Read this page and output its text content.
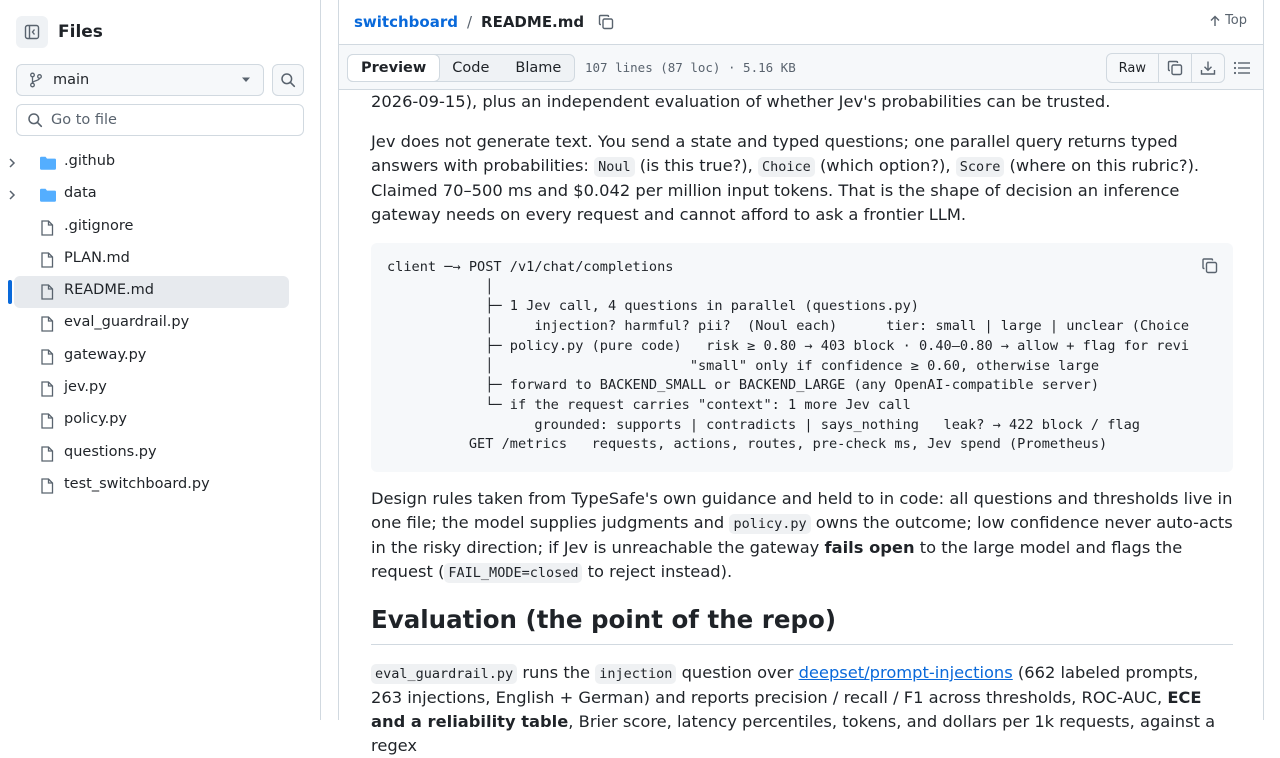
Files
main
Go to file
.github
data
.gitignore
PLAN.md
README.md
eval_guardrail.py
gateway.py
jev.py
policy.py
questions.py
test_switchboard.py
switchboard / README.md	Top
Preview	Code	Blame	107 lines (87 loc) · 5.16 KB	Raw

2026-09-15), plus an independent evaluation of whether Jev's probabilities can be trusted.

Jev does not generate text. You send a state and typed questions; one parallel query returns typed answers with probabilities: Noul (is this true?), Choice (which option?), Score (where on this rubric?). Claimed 70–500 ms and $0.042 per million input tokens. That is the shape of decision an inference gateway needs on every request and cannot afford to ask a frontier LLM.

client ─→ POST /v1/chat/completions
│
├─ 1 Jev call, 4 questions in parallel (questions.py)
│     injection? harmful? pii?  (Noul each)      tier: small | large | unclear (Choice
├─ policy.py (pure code)   risk ≥ 0.80 → 403 block · 0.40–0.80 → allow + flag for revi
│                        "small" only if confidence ≥ 0.60, otherwise large
├─ forward to BACKEND_SMALL or BACKEND_LARGE (any OpenAI-compatible server)
└─ if the request carries "context": 1 more Jev call
grounded: supports | contradicts | says_nothing   leak? → 422 block / flag
GET /metrics   requests, actions, routes, pre-check ms, Jev spend (Prometheus)

Design rules taken from TypeSafe's own guidance and held to in code: all questions and thresholds live in one file; the model supplies judgments and policy.py owns the outcome; low confidence never auto-acts in the risky direction; if Jev is unreachable the gateway fails open to the large model and flags the request ( FAIL_MODE=closed to reject instead).

Evaluation (the point of the repo)

eval_guardrail.py runs the injection question over deepset/prompt-injections (662 labeled prompts, 263 injections, English + German) and reports precision / recall / F1 across thresholds, ROC-AUC, ECE and a reliability table, Brier score, latency percentiles, tokens, and dollars per 1k requests, against a regex
